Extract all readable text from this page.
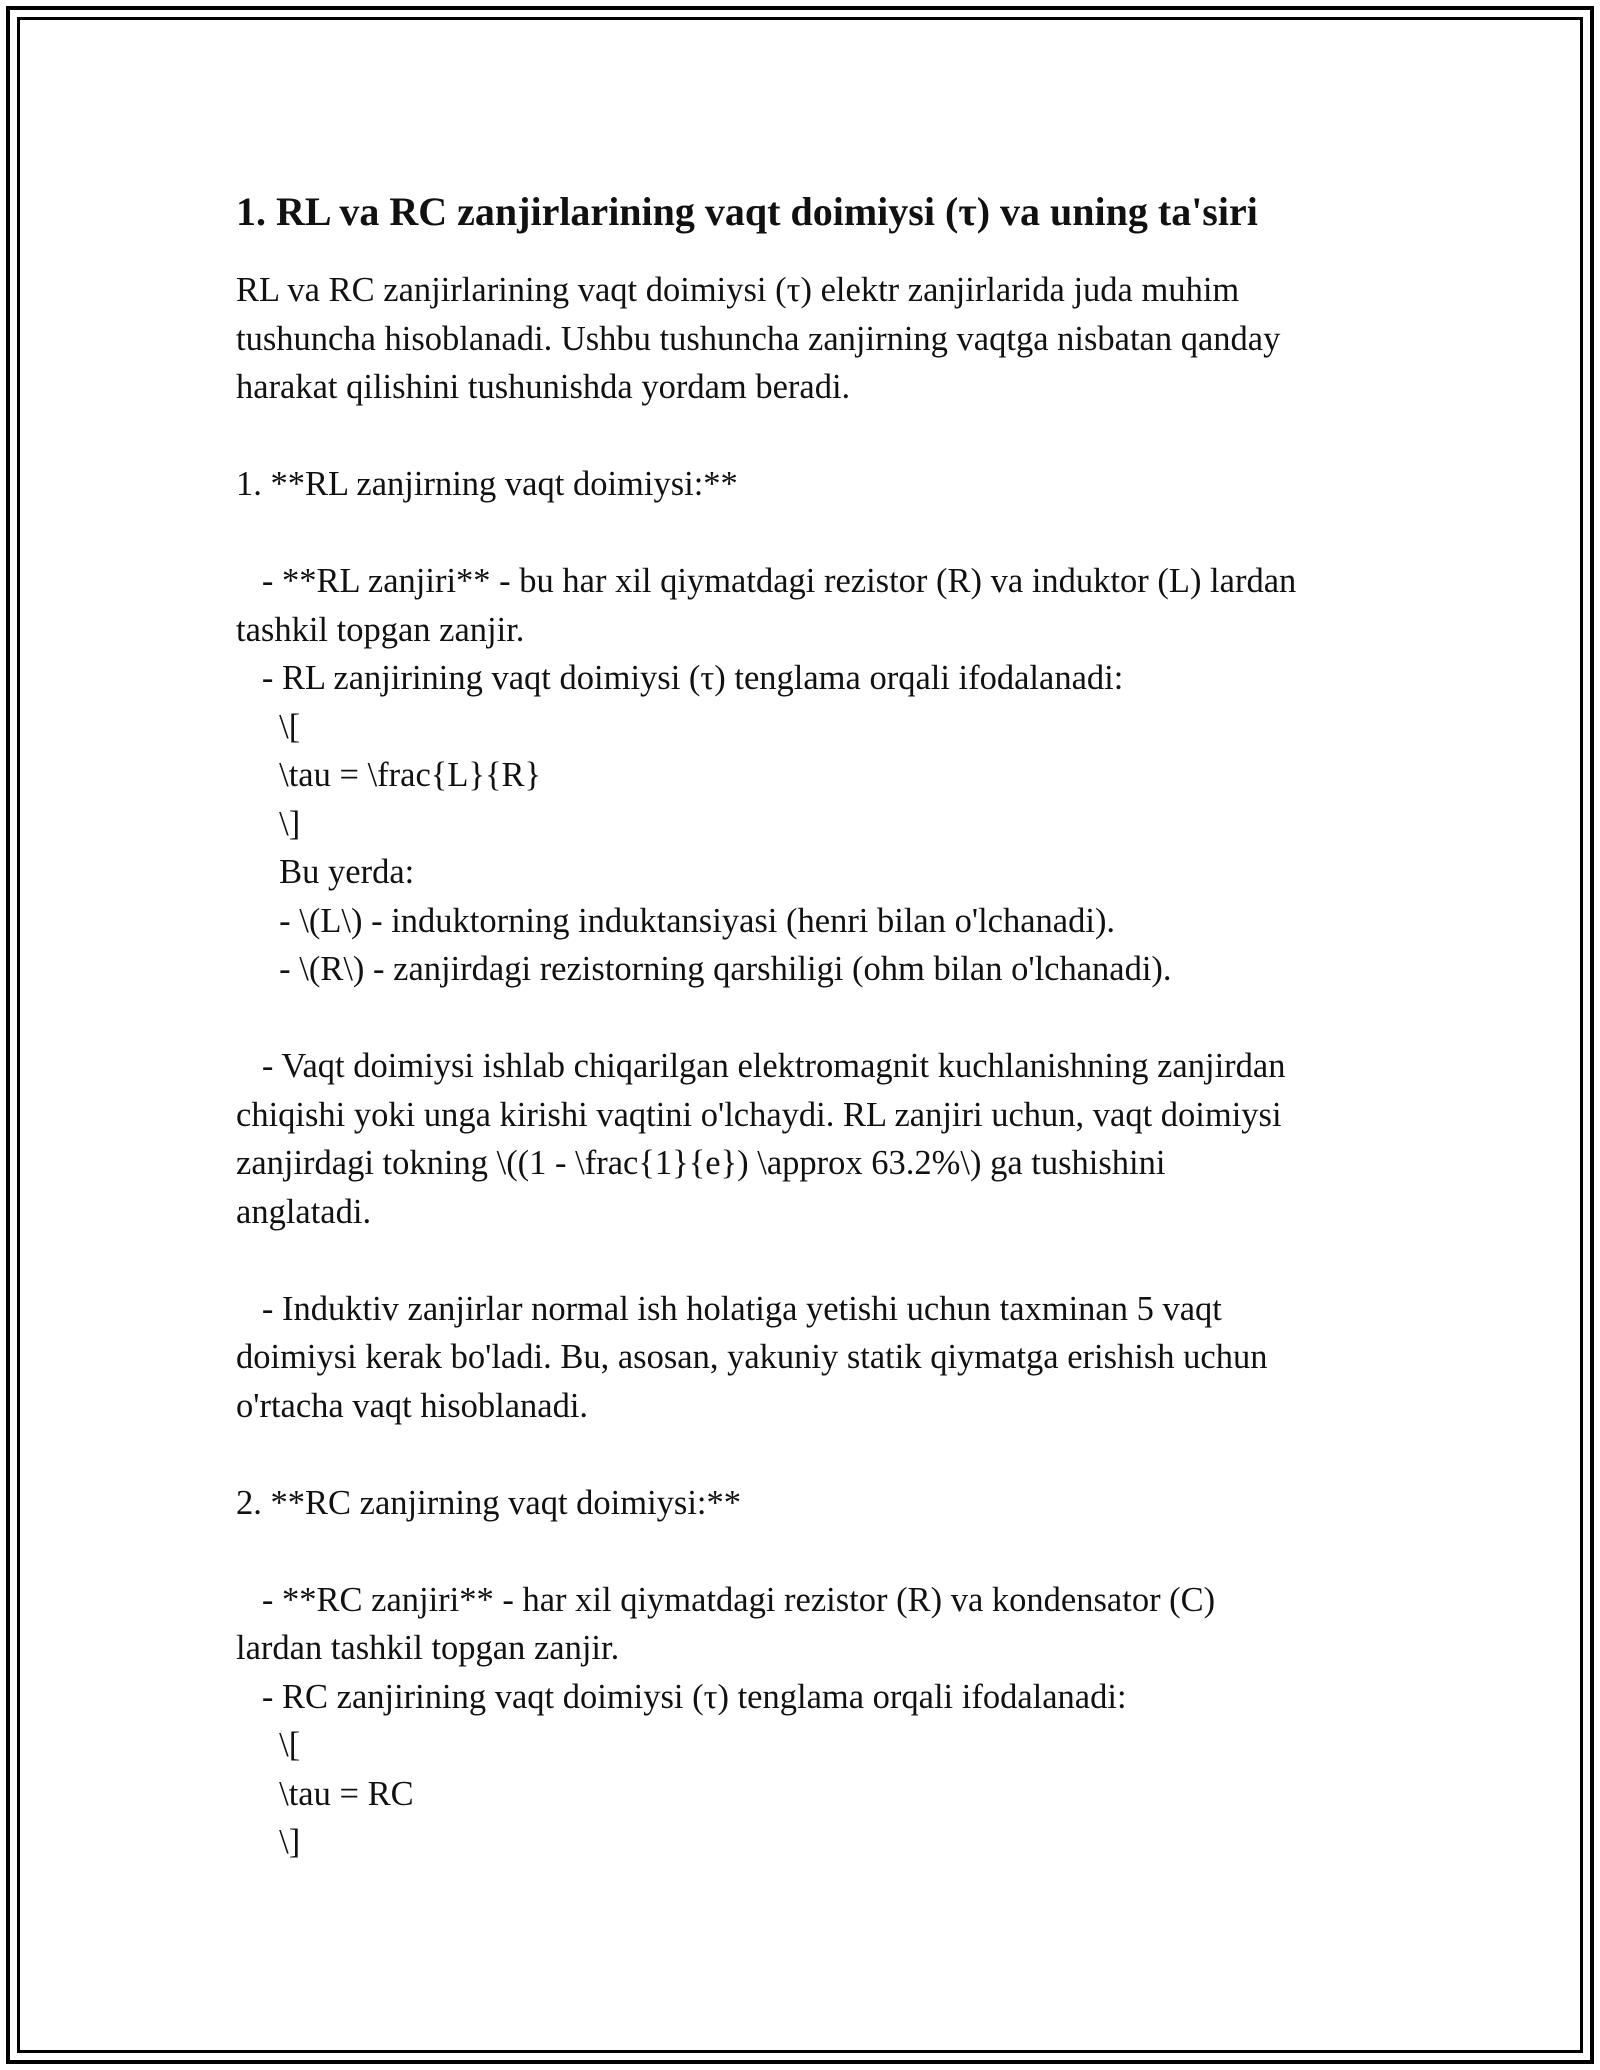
1. RL va RC zanjirlarining vaqt doimiysi (τ) va uning ta'siri
RL va RC zanjirlarining vaqt doimiysi (τ) elektr zanjirlarida juda muhim
tushuncha hisoblanadi. Ushbu tushuncha zanjirning vaqtga nisbatan qanday
harakat qilishini tushunishda yordam beradi.
1. **RL zanjirning vaqt doimiysi:**
- **RL zanjiri** - bu har xil qiymatdagi rezistor (R) va induktor (L) lardan
tashkil topgan zanjir.
- RL zanjirining vaqt doimiysi (τ) tenglama orqali ifodalanadi:
\[
\tau = \frac{L}{R}
\]
Bu yerda:
- \(L\) - induktorning induktansiyasi (henri bilan o'lchanadi).
- \(R\) - zanjirdagi rezistorning qarshiligi (ohm bilan o'lchanadi).
- Vaqt doimiysi ishlab chiqarilgan elektromagnit kuchlanishning zanjirdan
chiqishi yoki unga kirishi vaqtini o'lchaydi. RL zanjiri uchun, vaqt doimiysi
zanjirdagi tokning \((1 - \frac{1}{e}) \approx 63.2%\) ga tushishini
anglatadi.
- Induktiv zanjirlar normal ish holatiga yetishi uchun taxminan 5 vaqt
doimiysi kerak bo'ladi. Bu, asosan, yakuniy statik qiymatga erishish uchun
o'rtacha vaqt hisoblanadi.
2. **RC zanjirning vaqt doimiysi:**
- **RC zanjiri** - har xil qiymatdagi rezistor (R) va kondensator (C)
lardan tashkil topgan zanjir.
- RC zanjirining vaqt doimiysi (τ) tenglama orqali ifodalanadi:
\[
\tau = RC
\]
